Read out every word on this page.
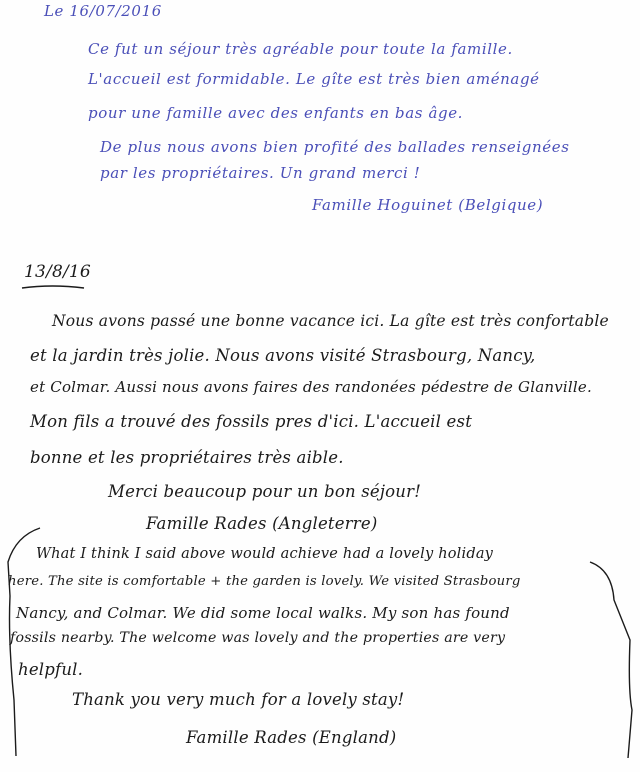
Le 16/07/2016
Ce fut un séjour très agréable pour toute la famille.
L'accueil est formidable. Le gîte est très bien aménagé
pour une famille avec des enfants en bas âge.
De plus nous avons bien profité des ballades renseignées
par les propriétaires. Un grand merci !
Famille Hoguinet (Belgique)
13/8/16
Nous avons passé une bonne vacance ici. La gîte est très confortable
et la jardin très jolie. Nous avons visité Strasbourg, Nancy,
et Colmar. Aussi nous avons faires des randonées pédestre de Glanville.
Mon fils a trouvé des fossils pres d'ici. L'accueil est
bonne et les propriétaires très aible.
Merci beaucoup pour un bon séjour!
Famille Rades (Angleterre)
What I think I said above would achieve had a lovely holiday
here. The site is comfortable + the garden is lovely. We visited Strasbourg
Nancy, and Colmar. We did some local walks. My son has found
fossils nearby. The welcome was lovely and the properties are very
helpful.
Thank you very much for a lovely stay!
Famille Rades (England)
